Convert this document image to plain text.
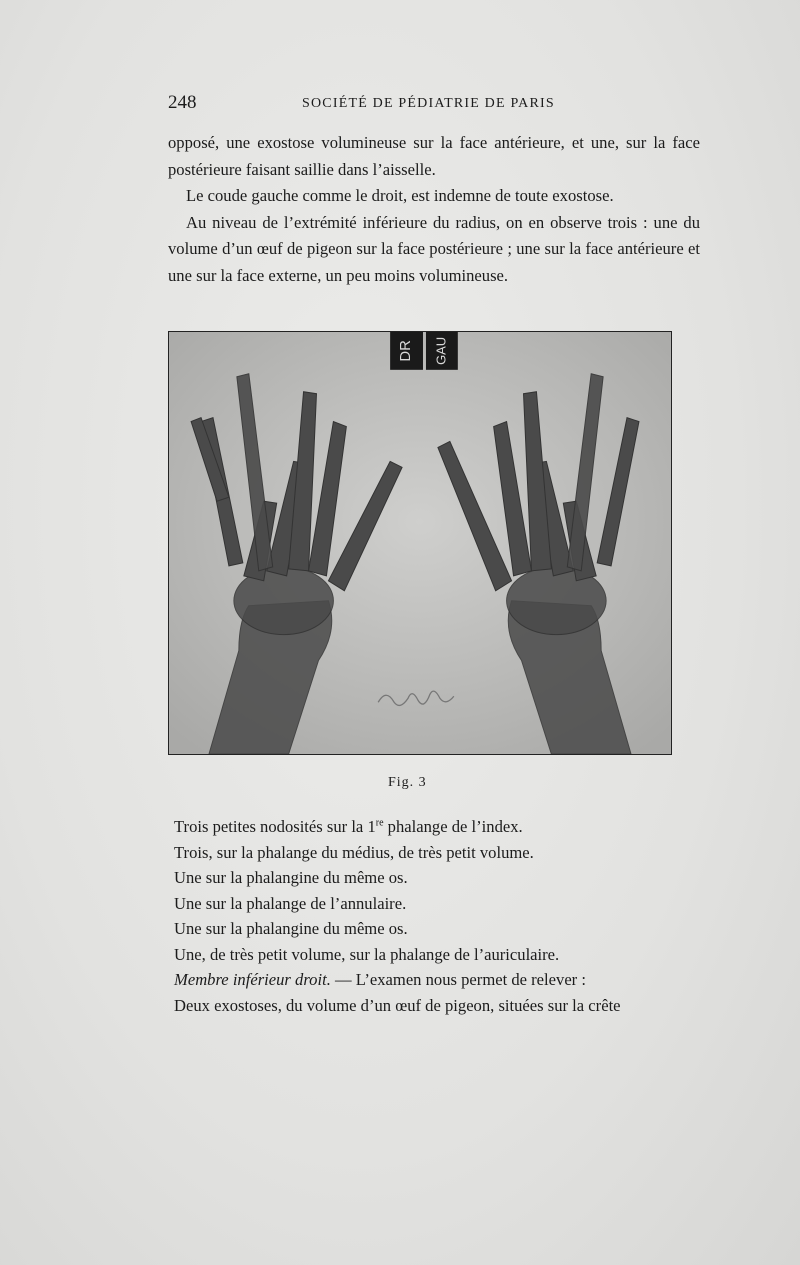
248	SOCIÉTÉ DE PÉDIATRIE DE PARIS

opposé, une exostose volumineuse sur la face antérieure, et une, sur la face postérieure faisant saillie dans l’aisselle.

Le coude gauche comme le droit, est indemne de toute exostose.

Au niveau de l’extrémité inférieure du radius, on en observe trois : une du volume d’un œuf de pigeon sur la face postérieure ; une sur la face antérieure et une sur la face externe, un peu moins volumineuse.

DR GAU
Fig. 3

Trois petites nodosités sur la 1re phalange de l’index.

Trois, sur la phalange du médius, de très petit volume.

Une sur la phalangine du même os.

Une sur la phalange de l’annulaire.

Une sur la phalangine du même os.

Une, de très petit volume, sur la phalange de l’auriculaire.

Membre inférieur droit. — L’examen nous permet de relever :

Deux exostoses, du volume d’un œuf de pigeon, situées sur la crête
